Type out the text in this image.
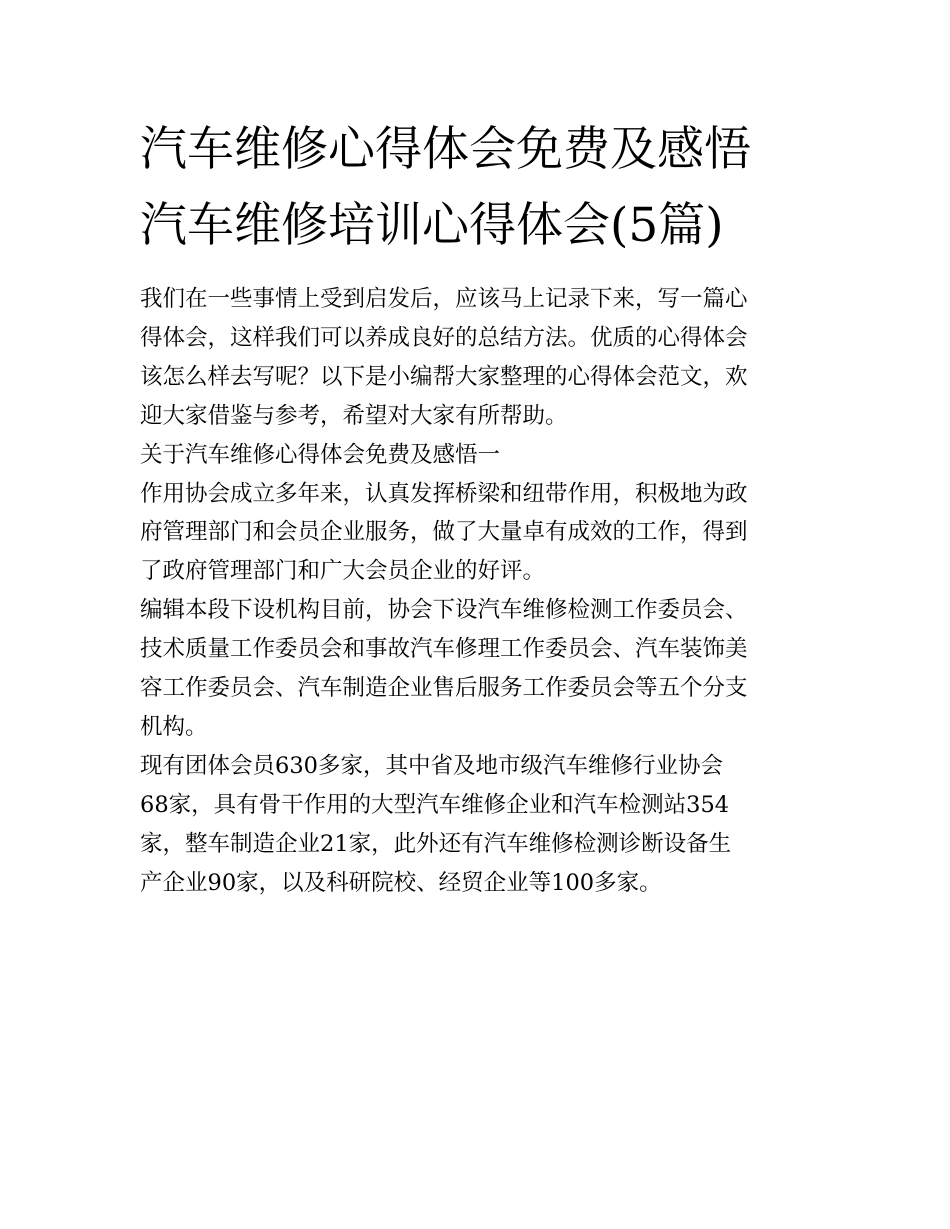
汽车维修心得体会免费及感悟
汽车维修培训心得体会(5篇)

我们在一些事情上受到启发后，应该马上记录下来，写一篇心
得体会，这样我们可以养成良好的总结方法。优质的心得体会
该怎么样去写呢？以下是小编帮大家整理的心得体会范文，欢
迎大家借鉴与参考，希望对大家有所帮助。

关于汽车维修心得体会免费及感悟一

作用协会成立多年来，认真发挥桥梁和纽带作用，积极地为政
府管理部门和会员企业服务，做了大量卓有成效的工作，得到
了政府管理部门和广大会员企业的好评。

编辑本段下设机构目前，协会下设汽车维修检测工作委员会、
技术质量工作委员会和事故汽车修理工作委员会、汽车装饰美
容工作委员会、汽车制造企业售后服务工作委员会等五个分支
机构。

现有团体会员630多家，其中省及地市级汽车维修行业协会
68家，具有骨干作用的大型汽车维修企业和汽车检测站354
家，整车制造企业21家，此外还有汽车维修检测诊断设备生
产企业90家，以及科研院校、经贸企业等100多家。
